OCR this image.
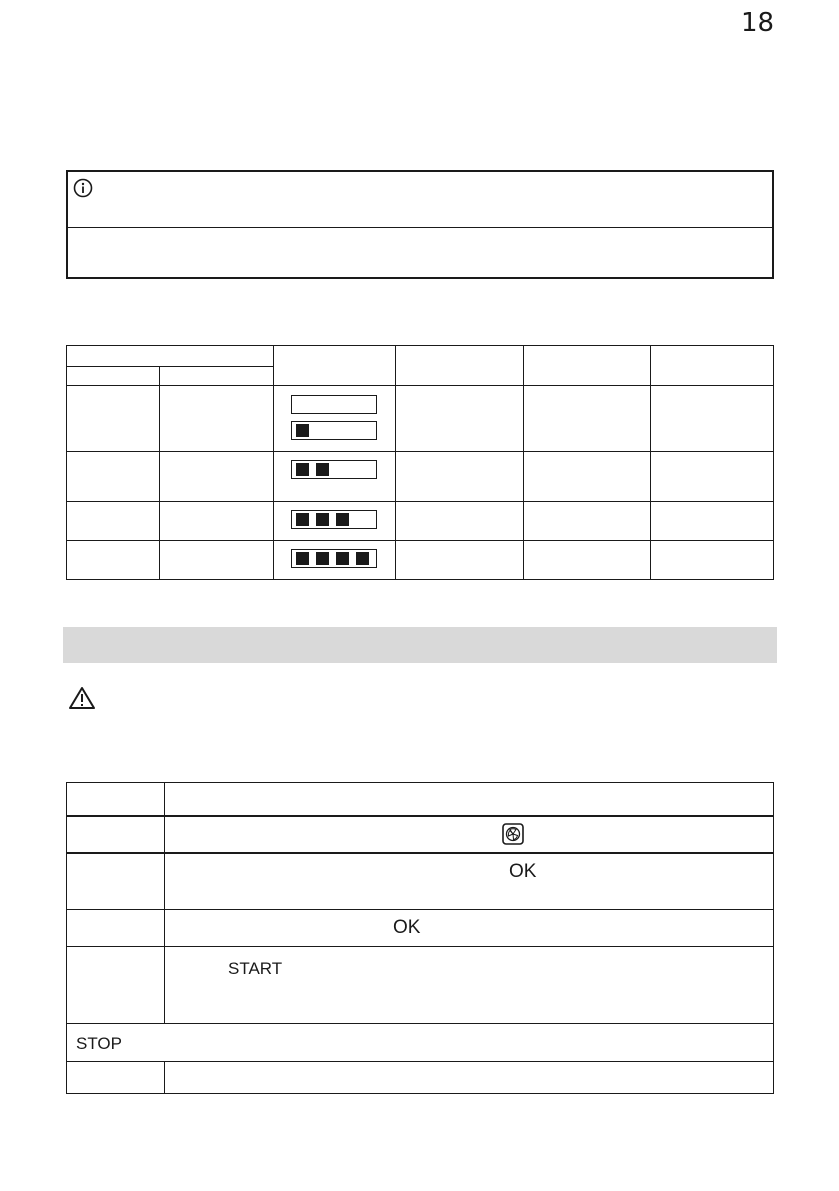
18
OK
OK
START
STOP
